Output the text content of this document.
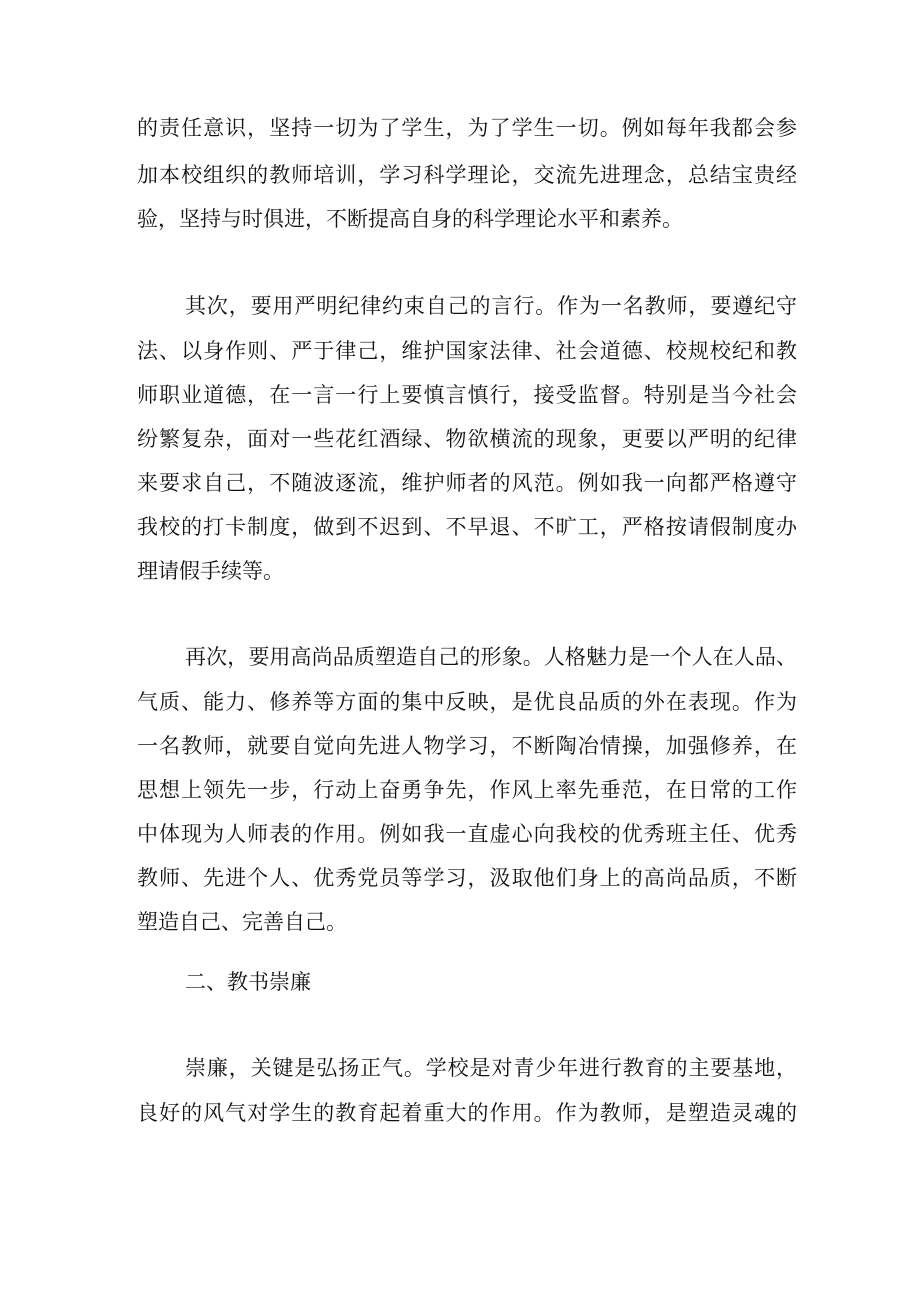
的责任意识，坚持一切为了学生，为了学生一切。例如每年我都会参
加本校组织的教师培训，学习科学理论，交流先进理念，总结宝贵经
验，坚持与时俱进，不断提高自身的科学理论水平和素养。
其次，要用严明纪律约束自己的言行。作为一名教师，要遵纪守
法、以身作则、严于律己，维护国家法律、社会道德、校规校纪和教
师职业道德，在一言一行上要慎言慎行，接受监督。特别是当今社会
纷繁复杂，面对一些花红酒绿、物欲横流的现象，更要以严明的纪律
来要求自己，不随波逐流，维护师者的风范。例如我一向都严格遵守
我校的打卡制度，做到不迟到、不早退、不旷工，严格按请假制度办
理请假手续等。
再次，要用高尚品质塑造自己的形象。人格魅力是一个人在人品、
气质、能力、修养等方面的集中反映，是优良品质的外在表现。作为
一名教师，就要自觉向先进人物学习，不断陶冶情操，加强修养，在
思想上领先一步，行动上奋勇争先，作风上率先垂范，在日常的工作
中体现为人师表的作用。例如我一直虚心向我校的优秀班主任、优秀
教师、先进个人、优秀党员等学习，汲取他们身上的高尚品质，不断
塑造自己、完善自己。
二、教书崇廉
崇廉，关键是弘扬正气。学校是对青少年进行教育的主要基地，
良好的风气对学生的教育起着重大的作用。作为教师，是塑造灵魂的
